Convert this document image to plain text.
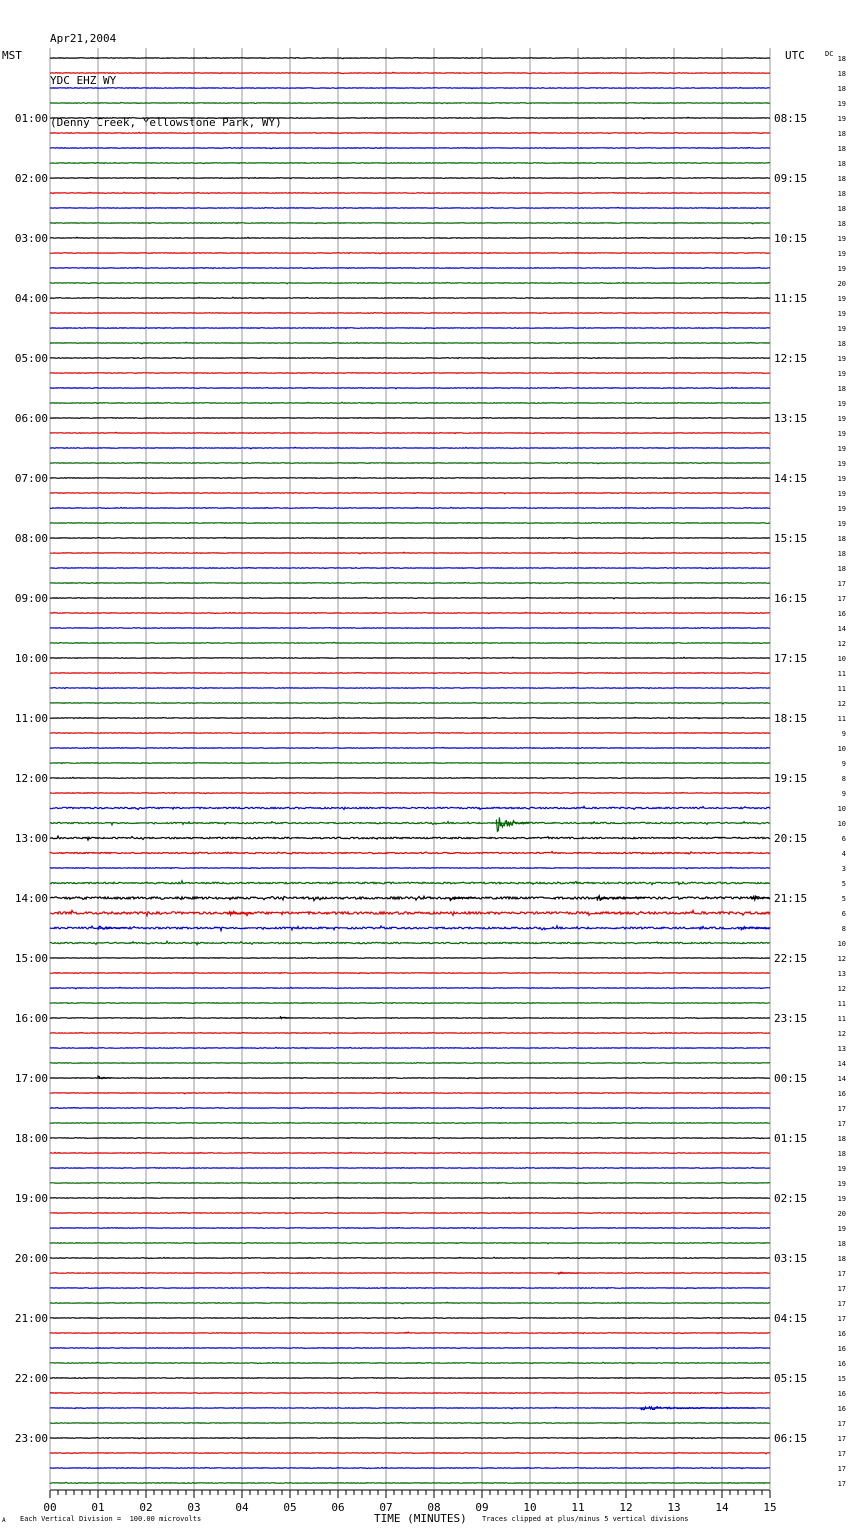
Apr21,2004

YDC EHZ WY

(Denny Creek, Yellowstone Park, WY)

MST	UTC	DC
01:00
02:00
03:00
04:00
05:00
06:00
07:00
08:00
09:00
10:00
11:00
12:00
13:00
14:00
15:00
16:00
17:00
18:00
19:00
20:00
21:00
22:00
23:00
08:15
09:15
10:15
11:15
12:15
13:15
14:15
15:15
16:15
17:15
18:15
19:15
20:15
21:15
22:15
23:15
00:15
01:15
02:15
03:15
04:15
05:15
06:15
18
18
18
19
19
18
18
18
18
18
18
18
19
19
19
20
19
19
19
18
19
19
18
19
19
19
19
19
19
19
19
19
18
18
18
17
17
16
14
12
10
11
11
12
11
9
10
9
8
9
10
10
6
4
3
5
5
6
8
10
12
13
12
11
11
12
13
14
14
16
17
17
18
18
19
19
19
20
19
18
18
17
17
17
17
16
16
16
15
16
16
17
17
17
17
17
00	01	02	03	04	05	06	07	08	09	10	11	12	13	14	15
A Each Vertical Division =  100.00 microvolts	TIME (MINUTES) Traces clipped at plus/minus 5 vertical divisions
